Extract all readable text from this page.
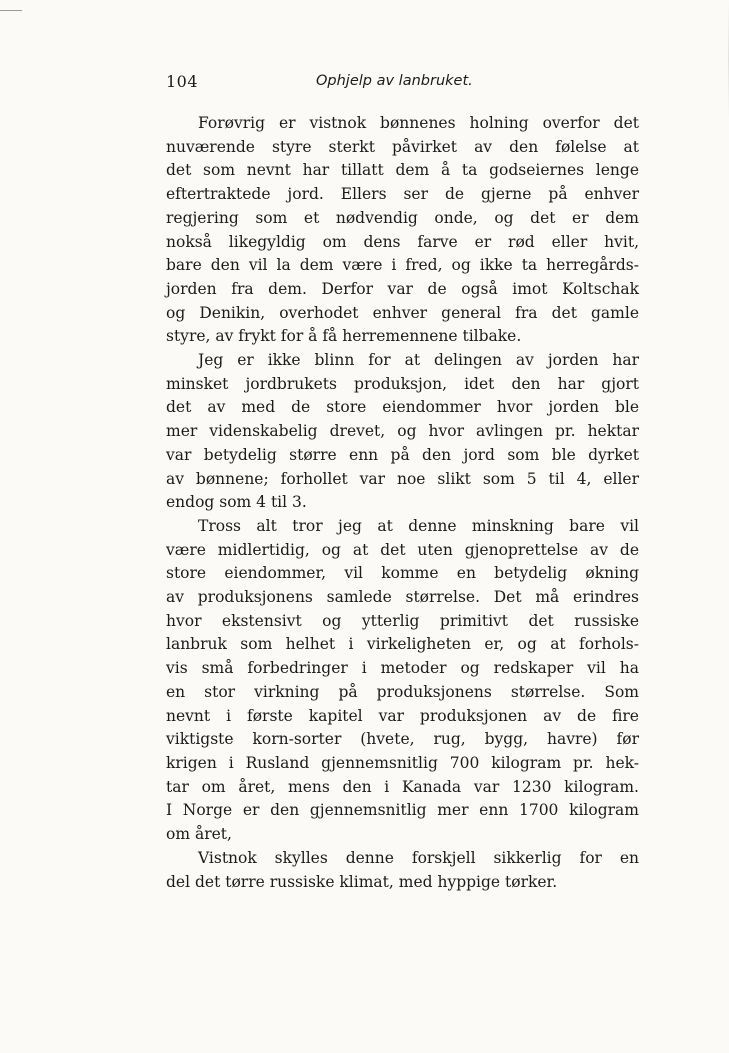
104	Ophjelp av lanbruket.
Forøvrig er vistnok bønnenes holning overfor det
nuværende styre sterkt påvirket av den følelse at
det som nevnt har tillatt dem å ta godseiernes lenge
eftertraktede jord. Ellers ser de gjerne på enhver
regjering som et nødvendig onde, og det er dem
nokså likegyldig om dens farve er rød eller hvit,
bare den vil la dem være i fred, og ikke ta herregårds-
jorden fra dem. Derfor var de også imot Koltschak
og Denikin, overhodet enhver general fra det gamle
styre, av frykt for å få herremennene tilbake.
Jeg er ikke blinn for at delingen av jorden har
minsket jordbrukets produksjon, idet den har gjort
det av med de store eiendommer hvor jorden ble
mer videnskabelig drevet, og hvor avlingen pr. hektar
var betydelig større enn på den jord som ble dyrket
av bønnene; forhollet var noe slikt som 5 til 4, eller
endog som 4 til 3.
Tross alt tror jeg at denne minskning bare vil
være midlertidig, og at det uten gjenoprettelse av de
store eiendommer, vil komme en betydelig økning
av produksjonens samlede størrelse. Det må erindres
hvor ekstensivt og ytterlig primitivt det russiske
lanbruk som helhet i virkeligheten er, og at forhols-
vis små forbedringer i metoder og redskaper vil ha
en stor virkning på produksjonens størrelse. Som
nevnt i første kapitel var produksjonen av de fire
viktigste korn-sorter (hvete, rug, bygg, havre) før
krigen i Rusland gjennemsnitlig 700 kilogram pr. hek-
tar om året, mens den i Kanada var 1230 kilogram.
I Norge er den gjennemsnitlig mer enn 1700 kilogram
om året,
Vistnok skylles denne forskjell sikkerlig for en
del det tørre russiske klimat, med hyppige tørker.
